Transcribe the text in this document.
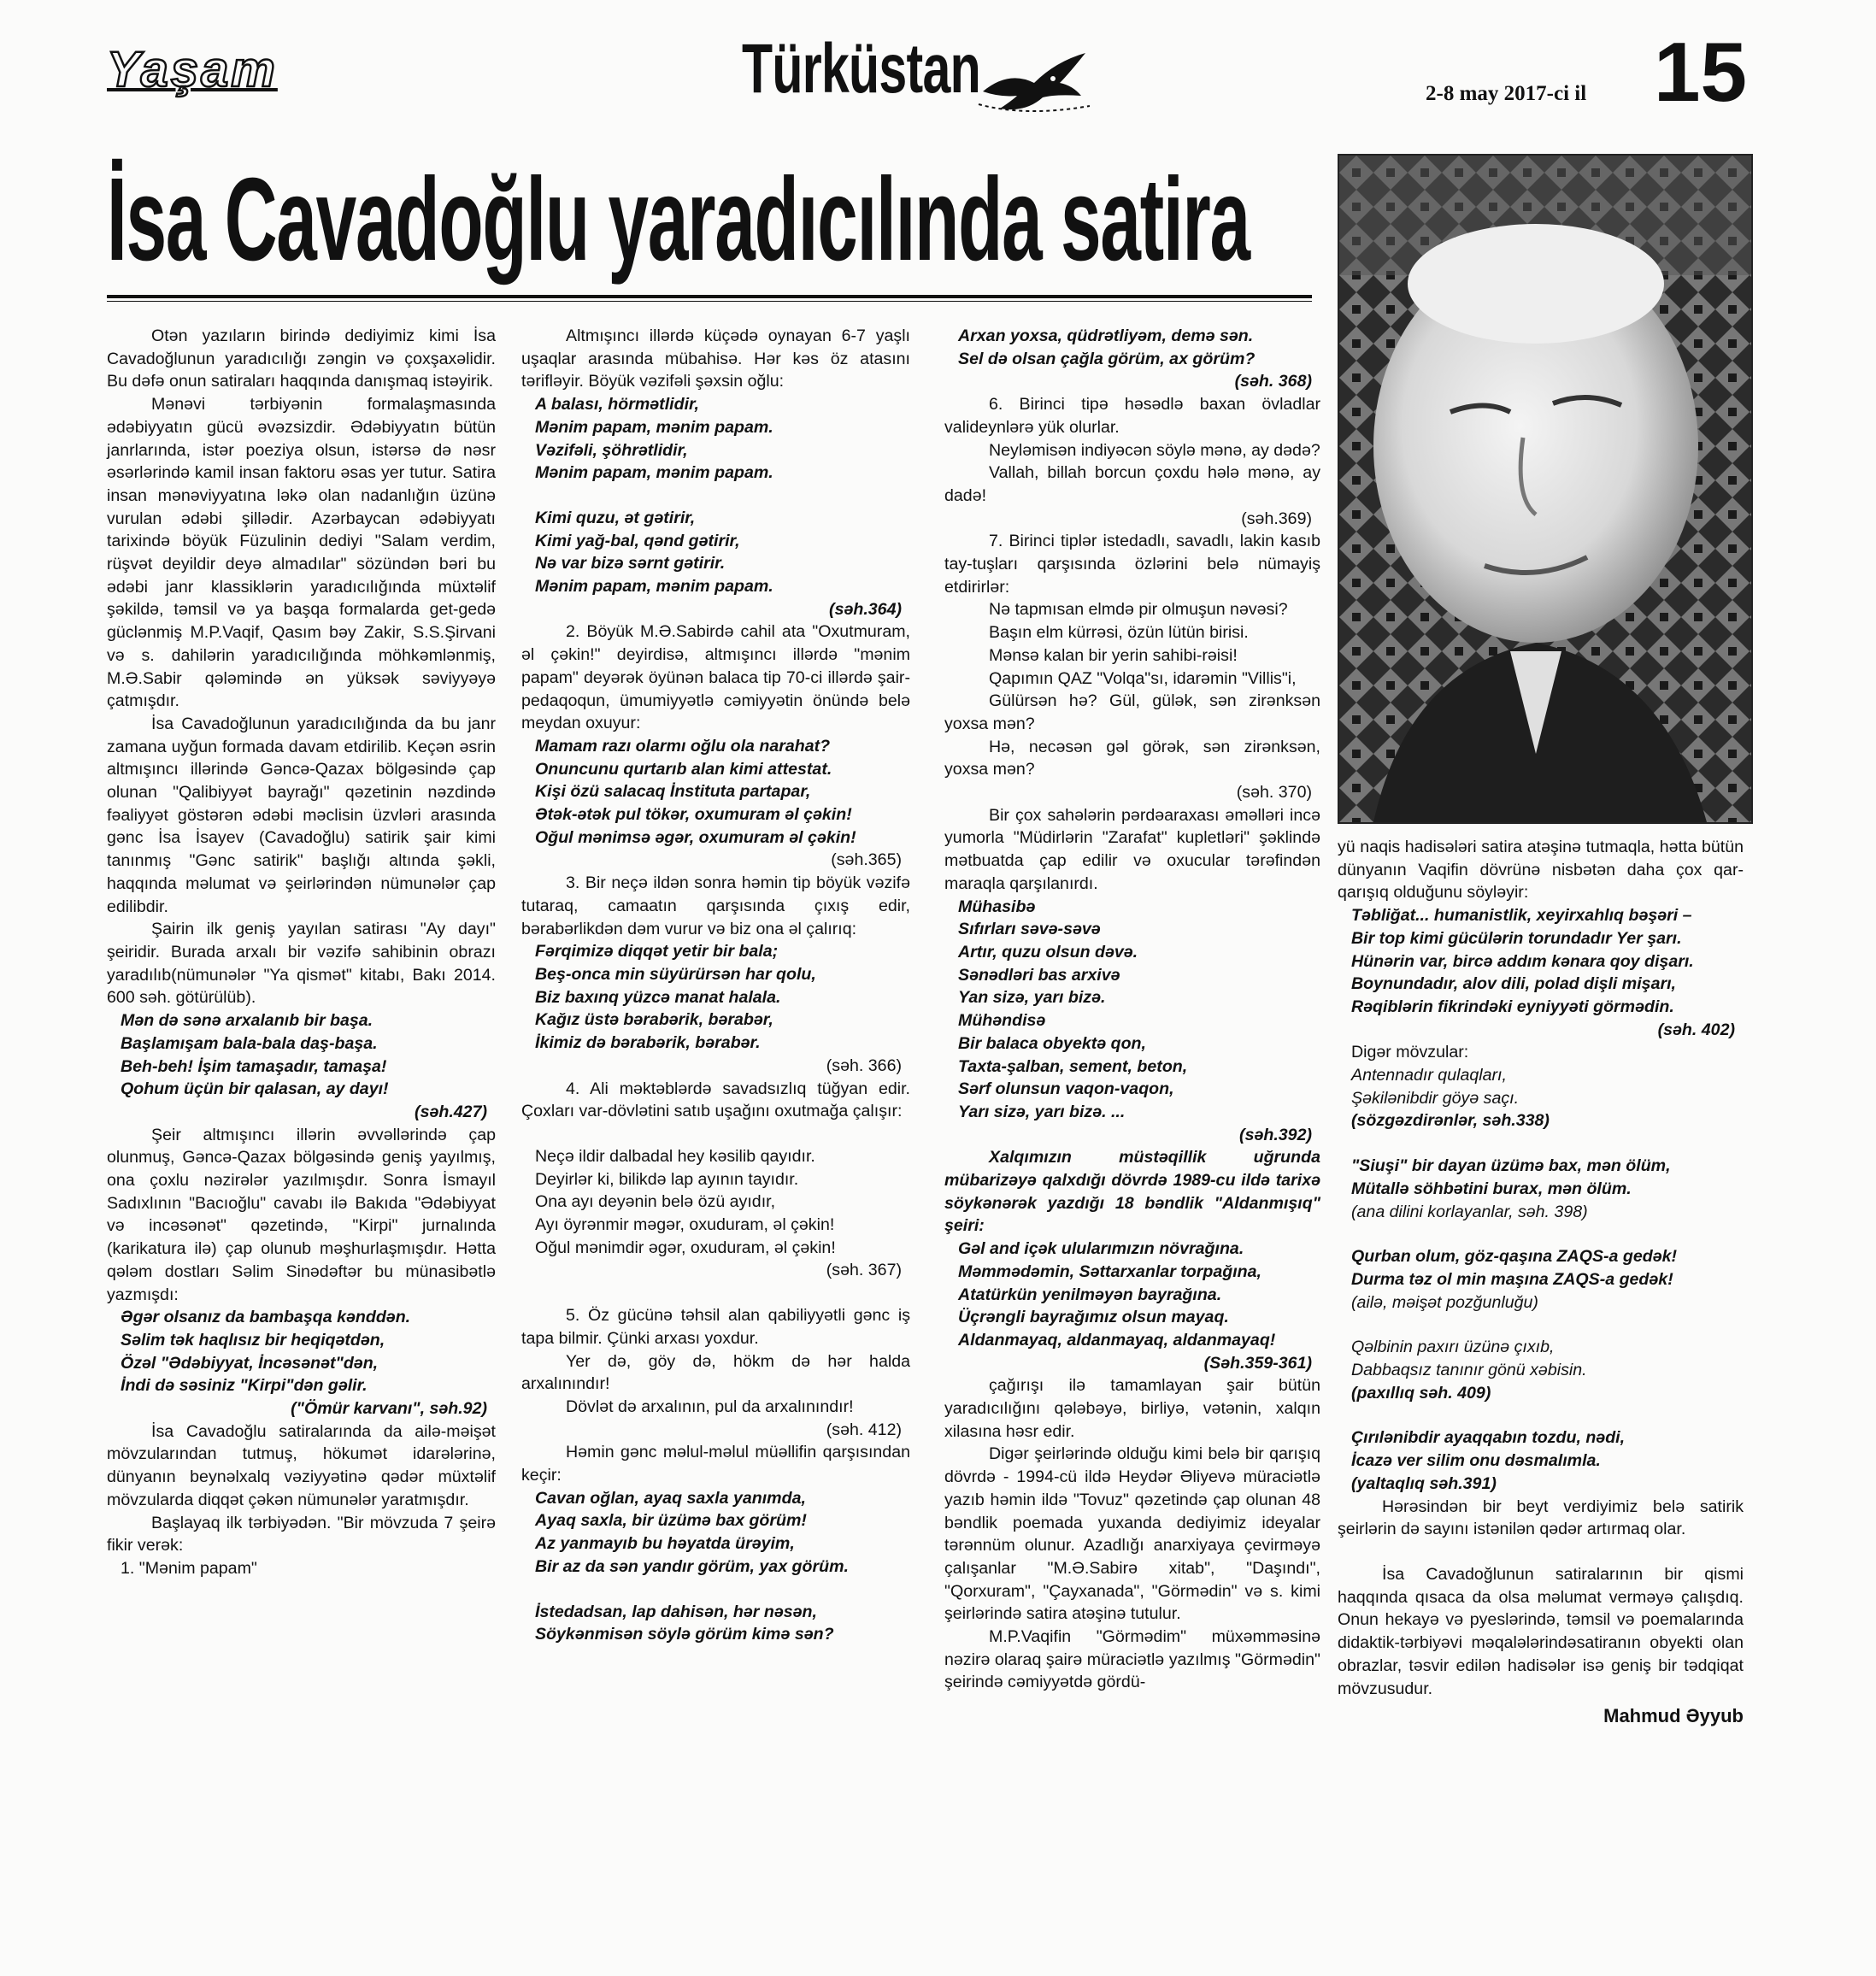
Yaşam	Türküstan	2-8 may 2017-ci il 15
İsa Cavadoğlu yaradıcılında satira

Otən yazıların birində dediyimiz kimi İsa Cavadoğlunun yaradıcılığı zəngin və çoxşaxəlidir. Bu dəfə onun satiraları haqqında danışmaq istəyirik.

Mənəvi tərbiyənin formalaşmasında ədəbiyyatın gücü əvəzsizdir. Ədəbiyyatın bütün janrlarında, istər poeziya olsun, istərsə də nəsr əsərlərində kamil insan faktoru əsas yer tutur. Satira insan mənəviyyatına ləkə olan nadanlığın üzünə vurulan ədəbi şillədir. Azərbaycan ədəbiyyatı tarixində böyük Füzulinin dediyi "Salam verdim, rüşvət deyildir deyə almadılar" sözündən bəri bu ədəbi janr klassiklərin yaradıcılığında müxtəlif şəkildə, təmsil və ya başqa formalarda get-gedə güclənmiş M.P.Vaqif, Qasım bəy Zakir, S.S.Şirvani və s. dahilərin yaradıcılığında möhkəmlənmiş, M.Ə.Sabir qələmində ən yüksək səviyyəyə çatmışdır.

İsa Cavadoğlunun yaradıcılığında da bu janr zamana uyğun formada davam etdirilib. Keçən əsrin altmışıncı illərində Gəncə-Qazax bölgəsində çap olunan "Qalibiyyət bayrağı" qəzetinin nəzdində fəaliyyət göstərən ədəbi məclisin üzvləri arasında gənc İsa İsayev (Cavadoğlu) satirik şair kimi tanınmış "Gənc satirik" başlığı altında şəkli, haqqında məlumat və şeirlərindən nümunələr çap edilibdir.

Şairin ilk geniş yayılan satirası "Ay dayı" şeiridir. Burada arxalı bir vəzifə sahibinin obrazı yaradılıb(nümunələr "Ya qismət" kitabı, Bakı 2014. 600 səh. götürülüb).

Mən də sənə arxalanıb bir başa.

Başlamışam bala-bala daş-başa.

Beh-beh! İşim tamaşadır, tamaşa!

Qohum üçün bir qalasan, ay dayı!

(səh.427)

Şeir altmışıncı illərin əvvəllərində çap olunmuş, Gəncə-Qazax bölgəsində geniş yayılmış, ona çoxlu nəzirələr yazılmışdır. Sonra İsmayıl Sadıxlının "Bacıoğlu" cavabı ilə Bakıda "Ədəbiyyat və incəsənət" qəzetində, "Kirpi" jurnalında (karikatura ilə) çap olunub məşhurlaşmışdır. Hətta qələm dostları Səlim Sinədəftər bu münasibətlə yazmışdı:

Əgər olsanız da bambaşqa kənddən.

Səlim tək haqlısız bir heqiqətdən,

Özəl "Ədəbiyyat, İncəsənət"dən,

İndi də səsiniz "Kirpi"dən gəlir.

("Ömür karvanı", səh.92)

İsa Cavadoğlu satiralarında da ailə-məişət mövzularından tutmuş, hökumət idarələrinə, dünyanın beynəlxalq vəziyyətinə qədər müxtəlif mövzularda diqqət çəkən nümunələr yaratmışdır.

Başlayaq ilk tərbiyədən. "Bir mövzuda 7 şeirə fikir verək:

1. "Mənim papam"

Altmışıncı illərdə küçədə oynayan 6-7 yaşlı uşaqlar arasında mübahisə. Hər kəs öz atasını tərifləyir. Böyük vəzifəli şəxsin oğlu:

A balası, hörmətlidir,

Mənim papam, mənim papam.

Vəzifəli, şöhrətlidir,

Mənim papam, mənim papam.

Kimi quzu, ət gətirir,

Kimi yağ-bal, qənd gətirir,

Nə var bizə sərnt gətirir.

Mənim papam, mənim papam.

(səh.364)

2. Böyük M.Ə.Sabirdə cahil ata "Oxutmuram, əl çəkin!" deyirdisə, altmışıncı illərdə "mənim papam" deyərək öyünən balaca tip 70-ci illərdə şair-pedaqoqun, ümumiyyətlə cəmiyyətin önündə belə meydan oxuyur:

Mamam razı olarmı oğlu ola narahat?

Onuncunu qurtarıb alan kimi attestat.

Kişi özü salacaq İnstituta partapar,

Ətək-ətək pul tökər, oxumuram əl çəkin!

Oğul mənimsə əgər, oxumuram əl çəkin!

(səh.365)

3. Bir neçə ildən sonra həmin tip böyük vəzifə tutaraq, camaatın qarşısında çıxış edir, bərabərlikdən dəm vurur və biz ona əl çalırıq:

Fərqimizə diqqət yetir bir bala;

Beş-onca min süyürürsən har qolu,

Biz baxınq yüzcə manat halala.

Kağız üstə bərabərik, bərabər,

İkimiz də bərabərik, bərabər.

(səh. 366)

4. Ali məktəblərdə savadsızlıq tüğyan edir. Çoxları var-dövlətini satıb uşağını oxutmağa çalışır:

Neçə ildir dalbadal hey kəsilib qayıdır.

Deyirlər ki, bilikdə lap ayının tayıdır.

Ona ayı deyənin belə özü ayıdır,

Ayı öyrənmir məgər, oxuduram, əl çəkin!

Oğul mənimdir əgər, oxuduram, əl çəkin!

(səh. 367)

5. Öz gücünə təhsil alan qabiliyyətli gənc iş tapa bilmir. Çünki arxası yoxdur.

Yer də, göy də, hökm də hər halda arxalınındır!

Dövlət də arxalının, pul da arxalınındır!

(səh. 412)

Həmin gənc məlul-məlul müəllifin qarşısından keçir:

Cavan oğlan, ayaq saxla yanımda,

Ayaq saxla, bir üzümə bax görüm!

Az yanmayıb bu həyatda ürəyim,

Bir az da sən yandır görüm, yax görüm.

İstedadsan, lap dahisən, hər nəsən,

Söykənmisən söylə görüm kimə sən?

Arxan yoxsa, qüdrətliyəm, demə sən.

Sel də olsan çağla görüm, ax görüm?

(səh. 368)

6. Birinci tipə həsədlə baxan övladlar valideynlərə yük olurlar.

Neyləmisən indiyəcən söylə mənə, ay dədə?

Vallah, billah borcun çoxdu hələ mənə, ay dadə!

(səh.369)

7. Birinci tiplər istedadlı, savadlı, lakin kasıb tay-tuşları qarşısında özlərini belə nümayiş etdirirlər:

Nə tapmısan elmdə pir olmuşun nəvəsi?

Başın elm kürrəsi, özün lütün birisi.

Mənsə kalan bir yerin sahibi-rəisi!

Qapımın QAZ "Volqa"sı, idarəmin "Villis"i,

Gülürsən hə? Gül, gülək, sən zirənksən yoxsa mən?

Hə, necəsən gəl görək, sən zirənksən, yoxsa mən?

(səh. 370)

Bir çox sahələrin pərdəaraxası əməlləri incə yumorla "Müdirlərin "Zarafat" kupletləri" şəklində mətbuatda çap edilir və oxucular tərəfindən maraqla qarşılanırdı.

Mühasibə

Sıfırları səvə-səvə

Artır, quzu olsun dəvə.

Sənədləri bas arxivə

Yan sizə, yarı bizə.

Mühəndisə

Bir balaca obyektə qon,

Taxta-şalban, sement, beton,

Sərf olunsun vaqon-vaqon,

Yarı sizə, yarı bizə. ...

(səh.392)

Xalqımızın müstəqillik uğrunda mübarizəyə qalxdığı dövrdə 1989-cu ildə tarixə söykənərək yazdığı 18 bəndlik "Aldanmışıq" şeiri:

Gəl and içək ulularımızın növrağına.

Məmmədəmin, Səttarxanlar torpağına,

Atatürkün yenilməyən bayrağına.

Üçrəngli bayrağımız olsun mayaq.

Aldanmayaq, aldanmayaq, aldanmayaq!

(Səh.359-361)

çağırışı ilə tamamlayan şair bütün yaradıcılığını qələbəyə, birliyə, vətənin, xalqın xilasına həsr edir.

Digər şeirlərində olduğu kimi belə bir qarışıq dövrdə - 1994-cü ildə Heydər Əliyevə müraciətlə yazıb həmin ildə "Tovuz" qəzetində çap olunan 48 bəndlik poemada yuxanda dediyimiz ideyalar tərənnüm olunur. Azadlığı anarxiyaya çevirməyə çalışanlar "M.Ə.Sabirə xitab", "Daşındı", "Qorxuram", "Çayxanada", "Görmədin" və s. kimi şeirlərində satira atəşinə tutulur.

M.P.Vaqifin "Görmədim" müxəmməsinə nəzirə olaraq şairə müraciətlə yazılmış "Görmədin" şeirində cəmiyyətdə gördü-

yü naqis hadisələri satira atəşinə tutmaqla, hətta bütün dünyanın Vaqifin dövrünə nisbətən daha çox qar-qarışıq olduğunu söyləyir:

Təbliğat... humanistlik, xeyirxahlıq bəşəri –

Bir top kimi gücülərin torundadır Yer şarı.

Hünərin var, bircə addım kənara qoy dişarı.

Boynundadır, alov dili, polad dişli mişarı,

Rəqiblərin fikrindəki eyniyyəti görmədin.

(səh. 402)

Digər mövzular:

Antennadır qulaqları,

Şəkilənibdir göyə saçı.

(sözgəzdirənlər, səh.338)

"Siuşi" bir dayan üzümə bax, mən ölüm,

Mütallə söhbətini burax, mən ölüm.

(ana dilini korlayanlar, səh. 398)

Qurban olum, göz-qaşına ZAQS-a gedək!

Durma təz ol min maşına ZAQS-a gedək!

(ailə, məişət pozğunluğu)

Qəlbinin paxırı üzünə çıxıb,

Dabbaqsız tanınır gönü xəbisin.

(paxıllıq səh. 409)

Çırılənibdir ayaqqabın tozdu, nədi,

İcazə ver silim onu dəsmalımla.

(yaltaqlıq səh.391)

Hərəsindən bir beyt verdiyimiz belə satirik şeirlərin də sayını istənilən qədər artırmaq olar.

İsa Cavadoğlunun satiralarının bir qismi haqqında qısaca da olsa məlumat verməyə çalışdıq. Onun hekayə və pyeslərində, təmsil və poemalarında didaktik-tərbiyəvi məqalələrindəsatiranın obyekti olan obrazlar, təsvir edilən hadisələr isə geniş bir tədqiqat mövzusudur.

Mahmud Əyyub
